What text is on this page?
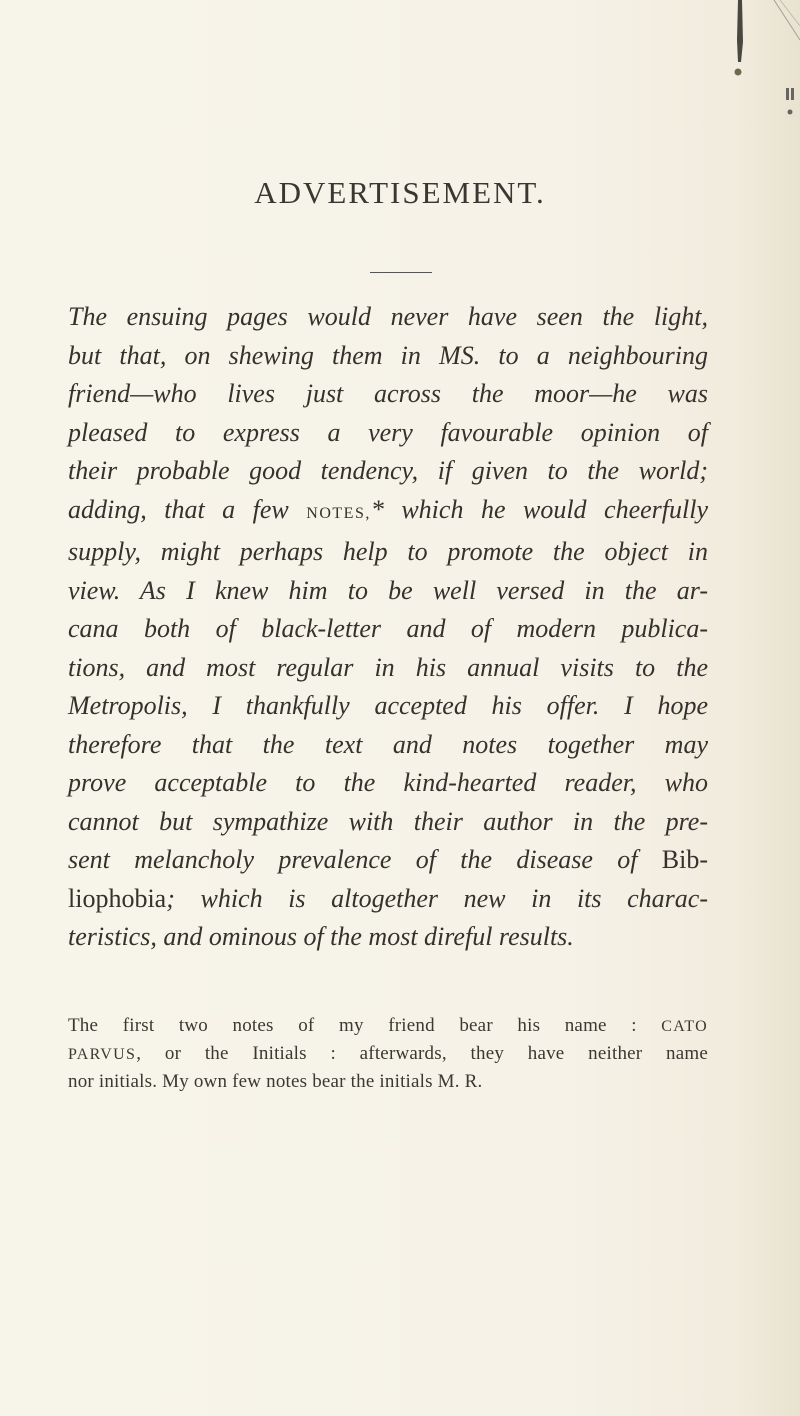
ADVERTISEMENT.
The ensuing pages would never have seen the light,
but that, on shewing them in MS. to a neighbouring
friend—who lives just across the moor—he was
pleased to express a very favourable opinion of
their probable good tendency, if given to the world;
adding, that a few NOTES,* which he would cheerfully
supply, might perhaps help to promote the object in
view. As I knew him to be well versed in the ar-
cana both of black-letter and of modern publica-
tions, and most regular in his annual visits to the
Metropolis, I thankfully accepted his offer. I hope
therefore that the text and notes together may
prove acceptable to the kind-hearted reader, who
cannot but sympathize with their author in the pre-
sent melancholy prevalence of the disease of Bib-
liophobia; which is altogether new in its charac-
teristics, and ominous of the most direful results.
The first two notes of my friend bear his name : CATO
PARVUS, or the Initials : afterwards, they have neither name
nor initials. My own few notes bear the initials M. R.
